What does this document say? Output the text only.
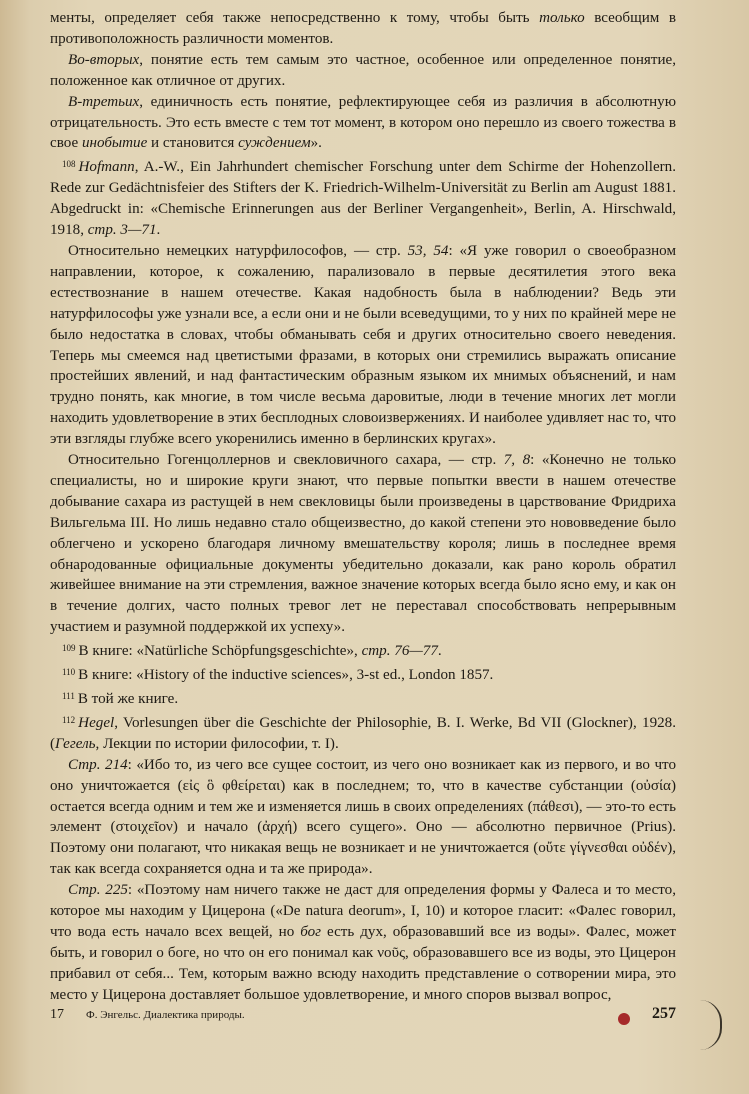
менты, определяет себя также непосредственно к тому, чтобы быть только всеобщим в противоположность различности моментов.

Во-вторых, понятие есть тем самым это частное, особенное или определенное понятие, положенное как отличное от других.

В-третьих, единичность есть понятие, рефлектирующее себя из различия в абсолютную отрицательность. Это есть вместе с тем тот момент, в котором оно перешло из своего тожества в свое инобытие и становится суждением».

$^{108}$ Hofmann, A.-W., Ein Jahrhundert chemischer Forschung unter dem Schirme der Hohenzollern. Rede zur Gedächtnisfeier des Stifters der K. Friedrich-Wilhelm-Universität zu Berlin am August 1881. Abgedruckt in: «Chemische Erinnerungen aus der Berliner Vergangenheit», Berlin, A. Hirschwald, 1918, стр. 3—71.

Относительно немецких натурфилософов, — стр. 53, 54: «Я уже говорил о своеобразном направлении, которое, к сожалению, парализовало в первые десятилетия этого века естествознание в нашем отечестве. Какая надобность была в наблюдении? Ведь эти натурфилософы уже узнали все, а если они и не были всеведущими, то у них по крайней мере не было недостатка в словах, чтобы обманывать себя и других относительно своего неведения. Теперь мы смеемся над цветистыми фразами, в которых они стремились выражать описание простейших явлений, и над фантастическим образным языком их мнимых объяснений, и нам трудно понять, как многие, в том числе весьма даровитые, люди в течение многих лет могли находить удовлетворение в этих бесплодных словоизвержениях. И наиболее удивляет нас то, что эти взгляды глубже всего укоренились именно в берлинских кругах».

Относительно Гогенцоллернов и свекловичного сахара, — стр. 7, 8: «Конечно не только специалисты, но и широкие круги знают, что первые попытки ввести в нашем отечестве добывание сахара из растущей в нем свекловицы были произведены в царствование Фридриха Вильгельма III. Но лишь недавно стало общеизвестно, до какой степени это нововведение было облегчено и ускорено благодаря личному вмешательству короля; лишь в последнее время обнародованные официальные документы убедительно доказали, как рано король обратил живейшее внимание на эти стремления, важное значение которых всегда было ясно ему, и как он в течение долгих, часто полных тревог лет не переставал способствовать непрерывным участием и разумной поддержкой их успеху».

$^{109}$ В книге: «Natürliche Schöpfungsgeschichte», стр. 76—77.

$^{110}$ В книге: «History of the inductive sciences», 3-st ed., London 1857.

$^{111}$ В той же книге.

$^{112}$ Hegel, Vorlesungen über die Geschichte der Philosophie, B. I. Werke, Bd VII (Glockner), 1928. (Гегель, Лекции по истории философии, т. I).

Стр. 214: «Ибо то, из чего все сущее состоит, из чего оно возникает как из первого, и во что оно уничтожается (εἰς ὃ φθείρεται) как в последнем; то, что в качестве субстанции (οὐσία) остается всегда одним и тем же и изменяется лишь в своих определениях (πάθεσι), — это-то есть элемент (στοιχεῖον) и начало (ἀρχή) всего сущего». Оно — абсолютно первичное (Prius). Поэтому они полагают, что никакая вещь не возникает и не уничтожается (οὔτε γίγνεσθαι οὐδέν), так как всегда сохраняется одна и та же природа».

Стр. 225: «Поэтому нам ничего также не даст для определения формы у Фалеса и то место, которое мы находим у Цицерона («De natura deorum», I, 10) и которое гласит: «Фалес говорил, что вода есть начало всех вещей, но бог есть дух, образовавший все из воды». Фалес, может быть, и говорил о боге, но что он его понимал как νοῦς, образовавшего все из воды, это Цицерон прибавил от себя... Тем, которым важно всюду находить представление о сотворении мира, это место у Цицерона доставляет большое удовлетворение, и много споров вызвал вопрос,

17 Ф. Энгельс. Диалектика природы.	257
